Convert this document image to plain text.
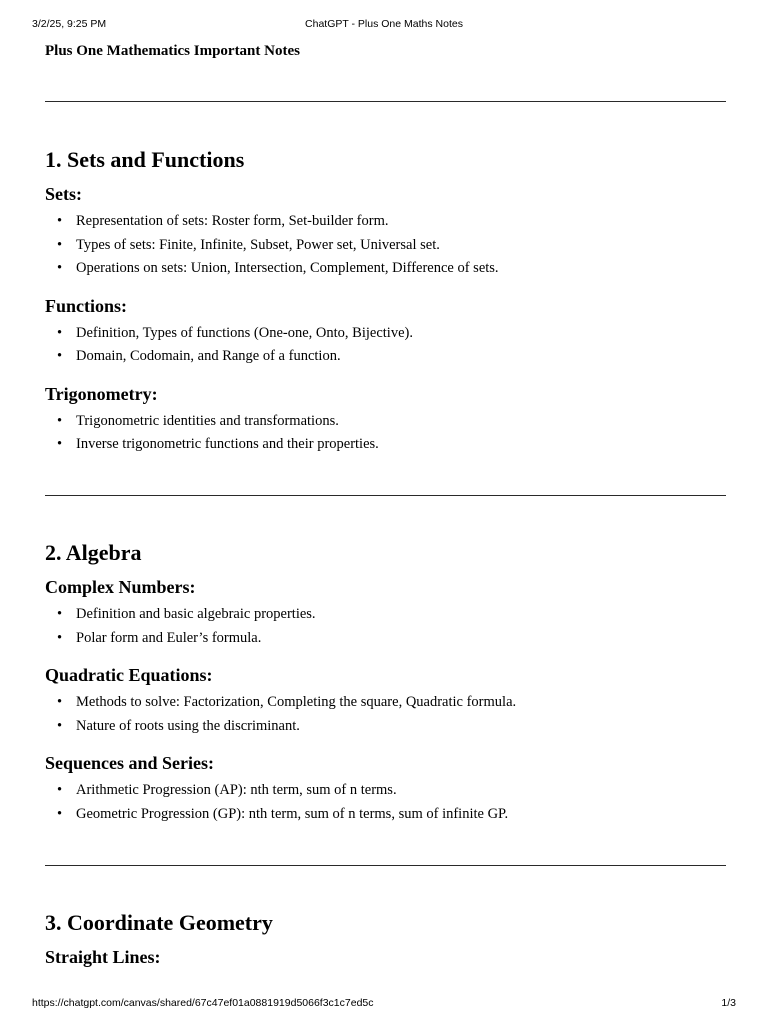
3/2/25, 9:25 PM	ChatGPT - Plus One Maths Notes
Plus One Mathematics Important Notes
1. Sets and Functions
Sets:
• Representation of sets: Roster form, Set-builder form.
• Types of sets: Finite, Infinite, Subset, Power set, Universal set.
• Operations on sets: Union, Intersection, Complement, Difference of sets.
Functions:
• Definition, Types of functions (One-one, Onto, Bijective).
• Domain, Codomain, and Range of a function.
Trigonometry:
• Trigonometric identities and transformations.
• Inverse trigonometric functions and their properties.
2. Algebra
Complex Numbers:
• Definition and basic algebraic properties.
• Polar form and Euler’s formula.
Quadratic Equations:
• Methods to solve: Factorization, Completing the square, Quadratic formula.
• Nature of roots using the discriminant.
Sequences and Series:
• Arithmetic Progression (AP): nth term, sum of n terms.
• Geometric Progression (GP): nth term, sum of n terms, sum of infinite GP.
3. Coordinate Geometry
Straight Lines:
https://chatgpt.com/canvas/shared/67c47ef01a0881919d5066f3c1c7ed5c	1/3
